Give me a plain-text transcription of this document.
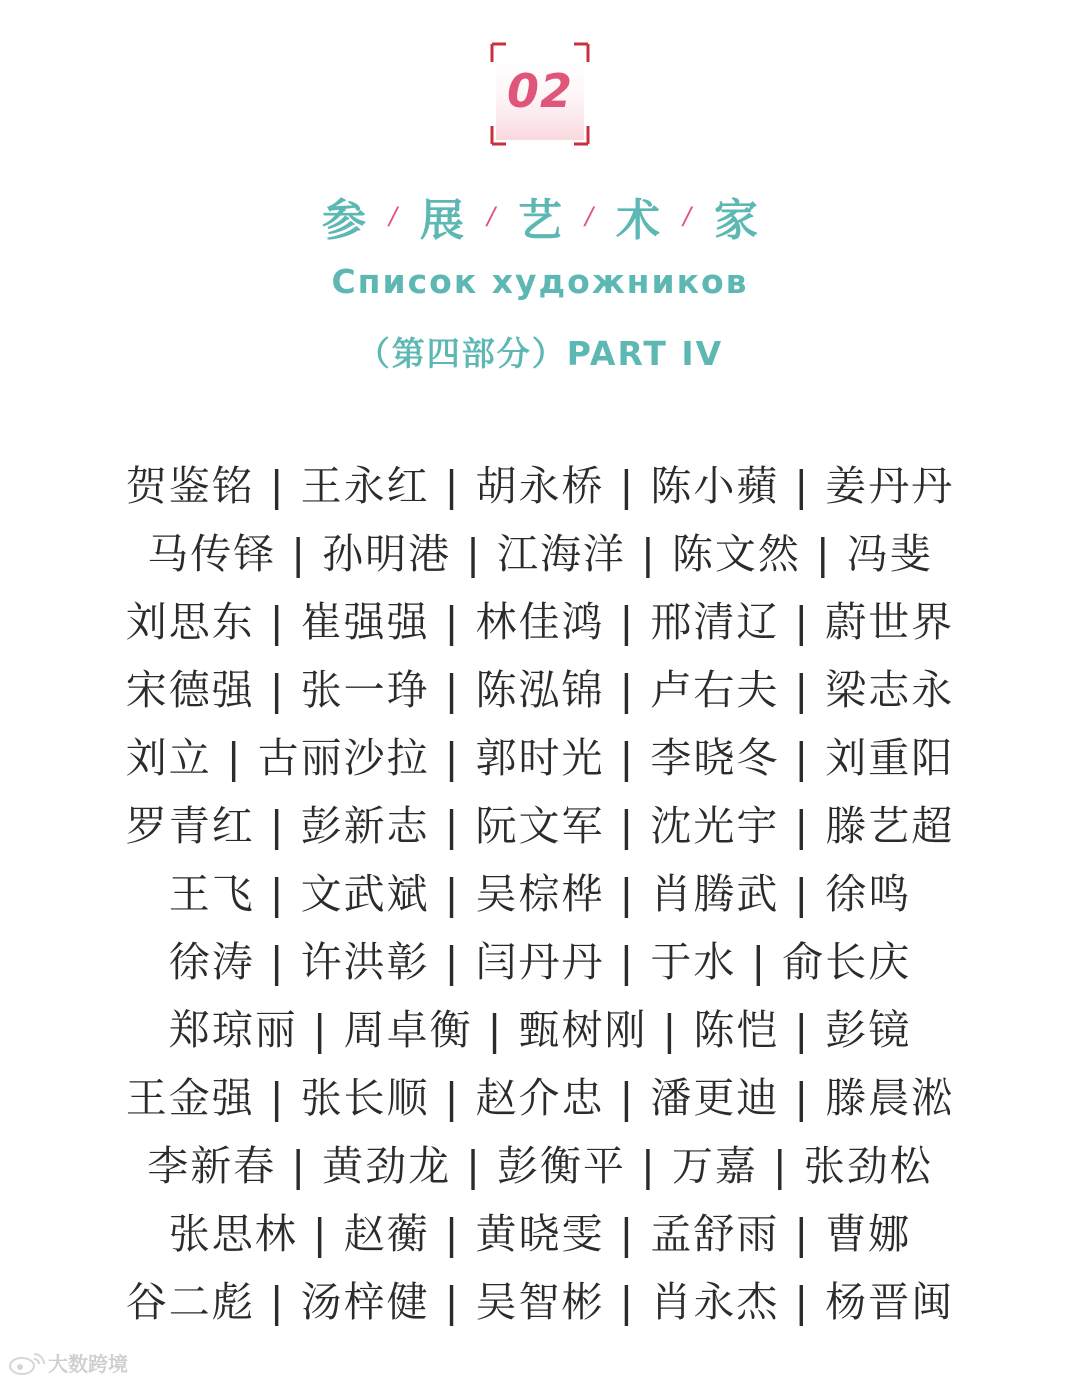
02
参 / 展 / 艺 / 术 / 家
Список художников
（第四部分）PART IV
贺鉴铭 | 王永红 | 胡永桥 | 陈小蘋 | 姜丹丹
马传铎 | 孙明港 | 江海洋 | 陈文然 | 冯斐
刘思东 | 崔强强 | 林佳鸿 | 邢清辽 | 蔚世界
宋德强 | 张一琤 | 陈泓锦 | 卢右夫 | 梁志永
刘立 | 古丽沙拉 | 郭时光 | 李晓冬 | 刘重阳
罗青红 | 彭新志 | 阮文军 | 沈光宇 | 滕艺超
王飞 | 文武斌 | 吴棕桦 | 肖腾武 | 徐鸣
徐涛 | 许洪彰 | 闫丹丹 | 于水 | 俞长庆
郑琼丽 | 周卓衡 | 甄树刚 | 陈恺 | 彭镜
王金强 | 张长顺 | 赵介忠 | 潘更迪 | 滕晨淞
李新春 | 黄劲龙 | 彭衡平 | 万嘉 | 张劲松
张思林 | 赵蘅 | 黄晓雯 | 孟舒雨 | 曹娜
谷二彪 | 汤梓健 | 吴智彬 | 肖永杰 | 杨晋闽
大数跨境
